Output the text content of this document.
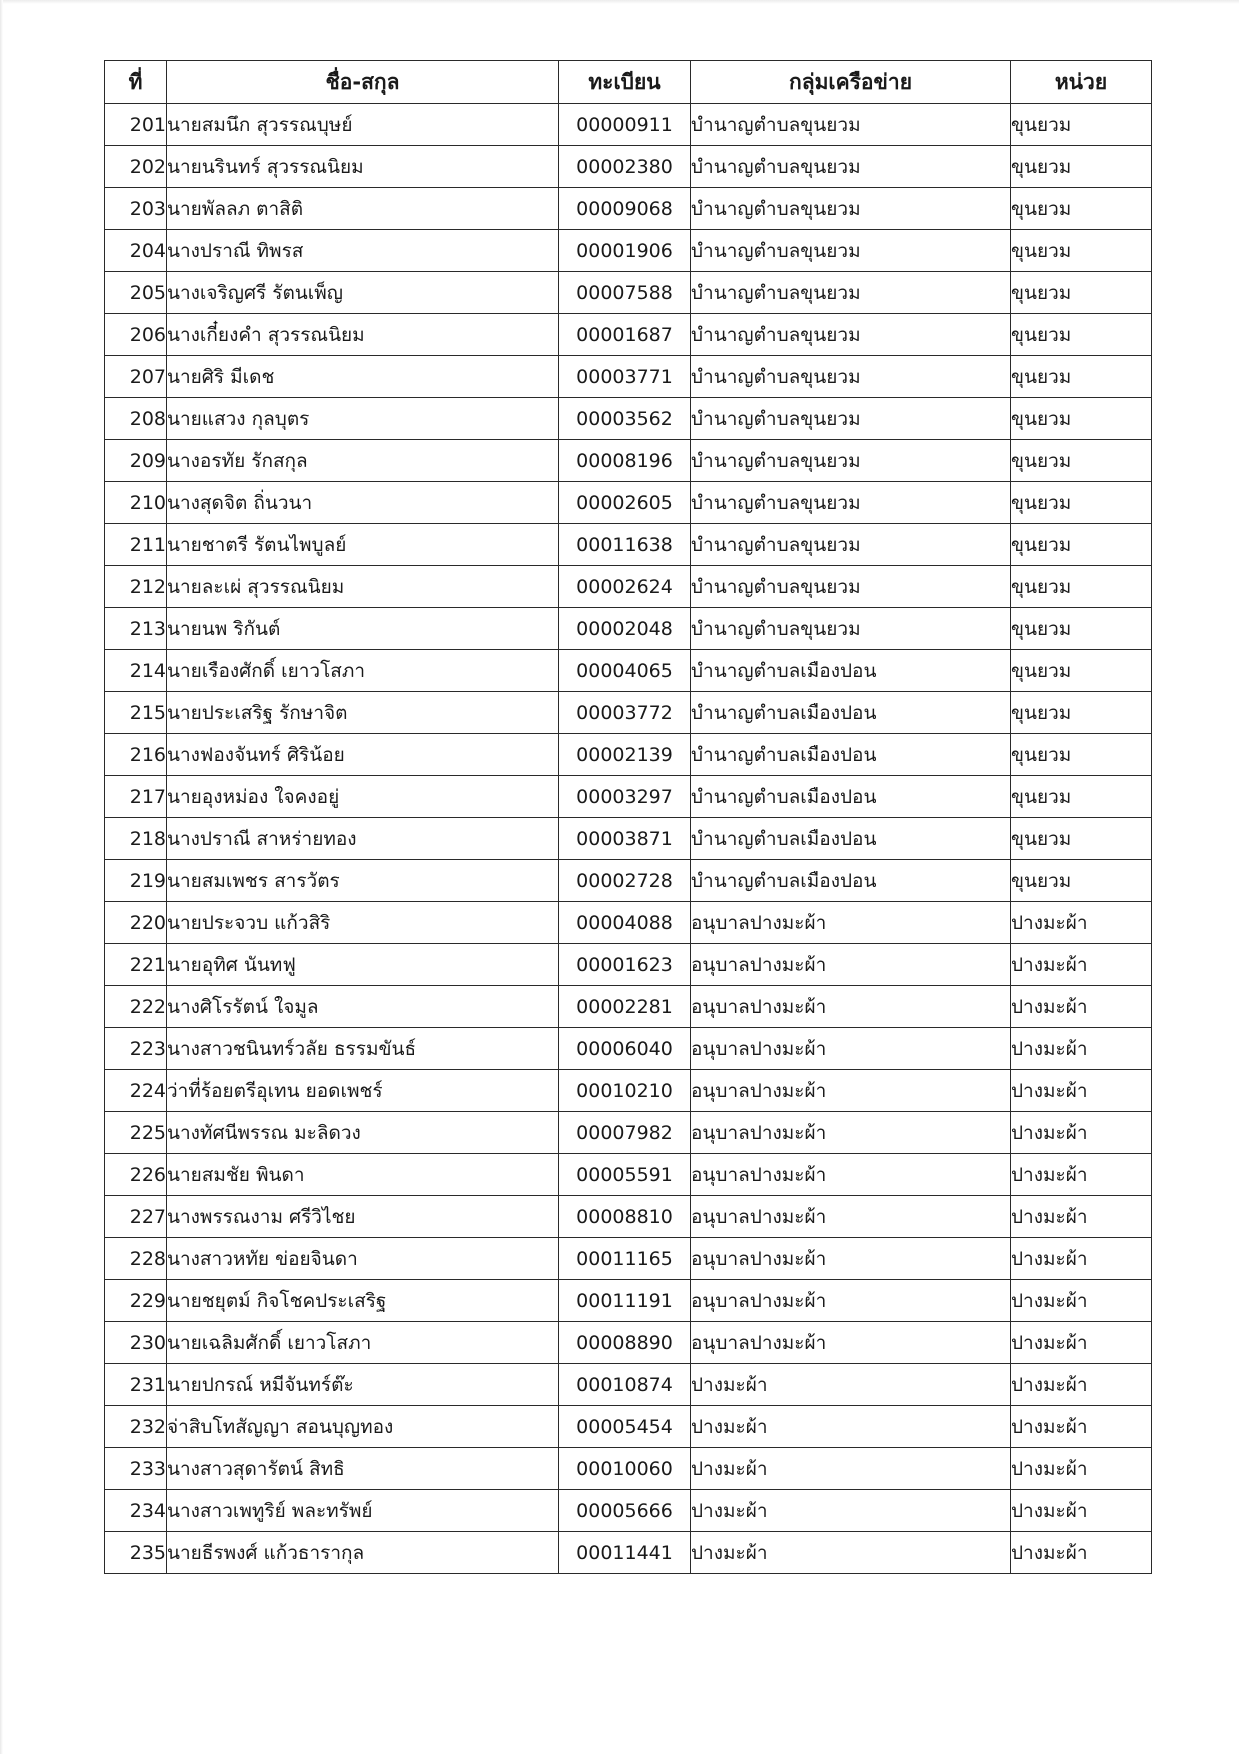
ที่	ชื่อ-สกุล	ทะเบียน	กลุ่มเครือข่าย	หน่วย
201	นายสมนึก สุวรรณบุษย์	00000911	บำนาญตำบลขุนยวม	ขุนยวม
202	นายนรินทร์ สุวรรณนิยม	00002380	บำนาญตำบลขุนยวม	ขุนยวม
203	นายพัลลภ ตาสิติ	00009068	บำนาญตำบลขุนยวม	ขุนยวม
204	นางปราณี ทิพรส	00001906	บำนาญตำบลขุนยวม	ขุนยวม
205	นางเจริญศรี รัตนเพ็ญ	00007588	บำนาญตำบลขุนยวม	ขุนยวม
206	นางเกี๋ยงคำ สุวรรณนิยม	00001687	บำนาญตำบลขุนยวม	ขุนยวม
207	นายศิริ มีเดช	00003771	บำนาญตำบลขุนยวม	ขุนยวม
208	นายแสวง กุลบุตร	00003562	บำนาญตำบลขุนยวม	ขุนยวม
209	นางอรทัย รักสกุล	00008196	บำนาญตำบลขุนยวม	ขุนยวม
210	นางสุดจิต ถิ่นวนา	00002605	บำนาญตำบลขุนยวม	ขุนยวม
211	นายชาตรี รัตนไพบูลย์	00011638	บำนาญตำบลขุนยวม	ขุนยวม
212	นายละเผ่ สุวรรณนิยม	00002624	บำนาญตำบลขุนยวม	ขุนยวม
213	นายนพ ริกันต์	00002048	บำนาญตำบลขุนยวม	ขุนยวม
214	นายเรืองศักดิ์ เยาวโสภา	00004065	บำนาญตำบลเมืองปอน	ขุนยวม
215	นายประเสริฐ รักษาจิต	00003772	บำนาญตำบลเมืองปอน	ขุนยวม
216	นางฟองจันทร์ ศิริน้อย	00002139	บำนาญตำบลเมืองปอน	ขุนยวม
217	นายอุงหม่อง ใจคงอยู่	00003297	บำนาญตำบลเมืองปอน	ขุนยวม
218	นางปราณี สาหร่ายทอง	00003871	บำนาญตำบลเมืองปอน	ขุนยวม
219	นายสมเพชร สารวัตร	00002728	บำนาญตำบลเมืองปอน	ขุนยวม
220	นายประจวบ แก้วสิริ	00004088	อนุบาลปางมะผ้า	ปางมะผ้า
221	นายอุทิศ นันทฟู	00001623	อนุบาลปางมะผ้า	ปางมะผ้า
222	นางศิโรรัตน์ ใจมูล	00002281	อนุบาลปางมะผ้า	ปางมะผ้า
223	นางสาวชนินทร์วลัย ธรรมขันธ์	00006040	อนุบาลปางมะผ้า	ปางมะผ้า
224	ว่าที่ร้อยตรีอุเทน ยอดเพชร์	00010210	อนุบาลปางมะผ้า	ปางมะผ้า
225	นางทัศนีพรรณ มะลิดวง	00007982	อนุบาลปางมะผ้า	ปางมะผ้า
226	นายสมชัย พินดา	00005591	อนุบาลปางมะผ้า	ปางมะผ้า
227	นางพรรณงาม ศรีวิไชย	00008810	อนุบาลปางมะผ้า	ปางมะผ้า
228	นางสาวหทัย ข่อยจินดา	00011165	อนุบาลปางมะผ้า	ปางมะผ้า
229	นายชยุตม์ กิจโชคประเสริฐ	00011191	อนุบาลปางมะผ้า	ปางมะผ้า
230	นายเฉลิมศักดิ์ เยาวโสภา	00008890	อนุบาลปางมะผ้า	ปางมะผ้า
231	นายปกรณ์ หมีจันทร์ต๊ะ	00010874	ปางมะผ้า	ปางมะผ้า
232	จ่าสิบโทสัญญา สอนบุญทอง	00005454	ปางมะผ้า	ปางมะผ้า
233	นางสาวสุดารัตน์ สิทธิ	00010060	ปางมะผ้า	ปางมะผ้า
234	นางสาวเพทูริย์ พละทรัพย์	00005666	ปางมะผ้า	ปางมะผ้า
235	นายธีรพงศ์ แก้วธารากุล	00011441	ปางมะผ้า	ปางมะผ้า
